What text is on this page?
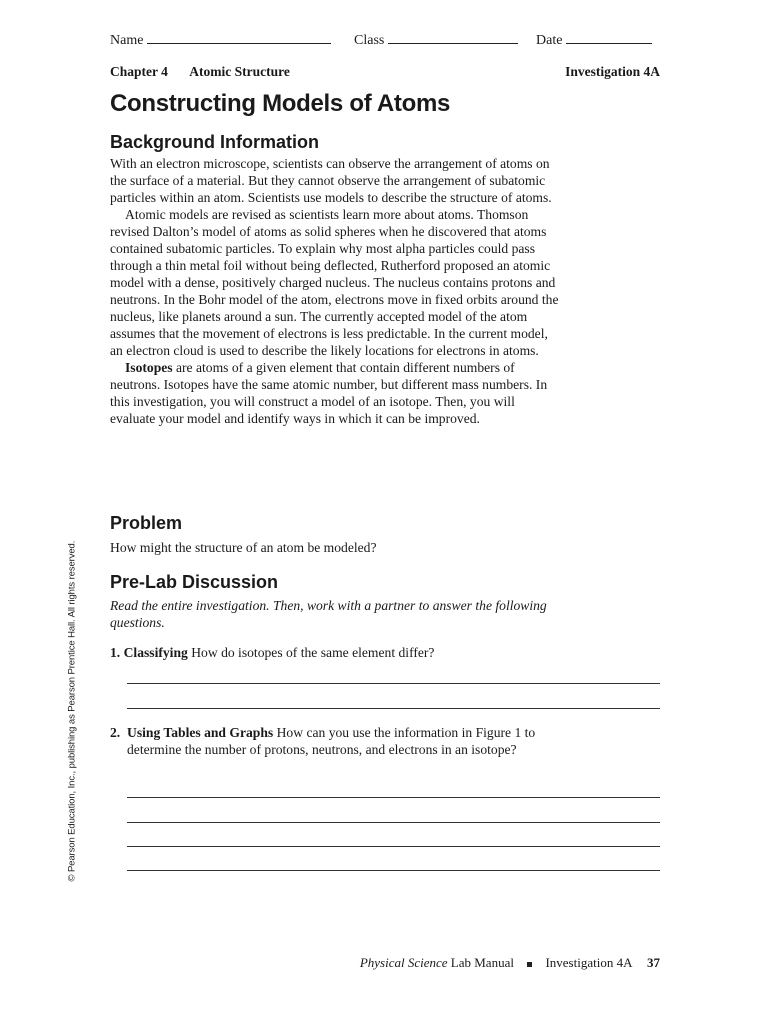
Name	Class	Date
Chapter 4 Atomic Structure	Investigation 4A
Constructing Models of Atoms
Background Information

With an electron microscope, scientists can observe the arrangement of atoms on the surface of a material. But they cannot observe the arrangement of subatomic particles within an atom. Scientists use models to describe the structure of atoms.

Atomic models are revised as scientists learn more about atoms. Thomson revised Dalton’s model of atoms as solid spheres when he discovered that atoms contained subatomic particles. To explain why most alpha particles could pass through a thin metal foil without being deflected, Rutherford proposed an atomic model with a dense, positively charged nucleus. The nucleus contains protons and neutrons. In the Bohr model of the atom, electrons move in fixed orbits around the nucleus, like planets around a sun. The currently accepted model of the atom assumes that the movement of electrons is less predictable. In the current model, an electron cloud is used to describe the likely locations for electrons in atoms.

Isotopes are atoms of a given element that contain different numbers of neutrons. Isotopes have the same atomic number, but different mass numbers. In this investigation, you will construct a model of an isotope. Then, you will evaluate your model and identify ways in which it can be improved.

Problem
How might the structure of an atom be modeled?
Pre-Lab Discussion
Read the entire investigation. Then, work with a partner to answer the following questions.
1. Classifying How do isotopes of the same element differ?
2. Using Tables and Graphs How can you use the information in Figure 1 to determine the number of protons, neutrons, and electrons in an isotope?
© Pearson Education, Inc., publishing as Pearson Prentice Hall. All rights reserved.
Physical Science Lab Manual Investigation 4A 37
